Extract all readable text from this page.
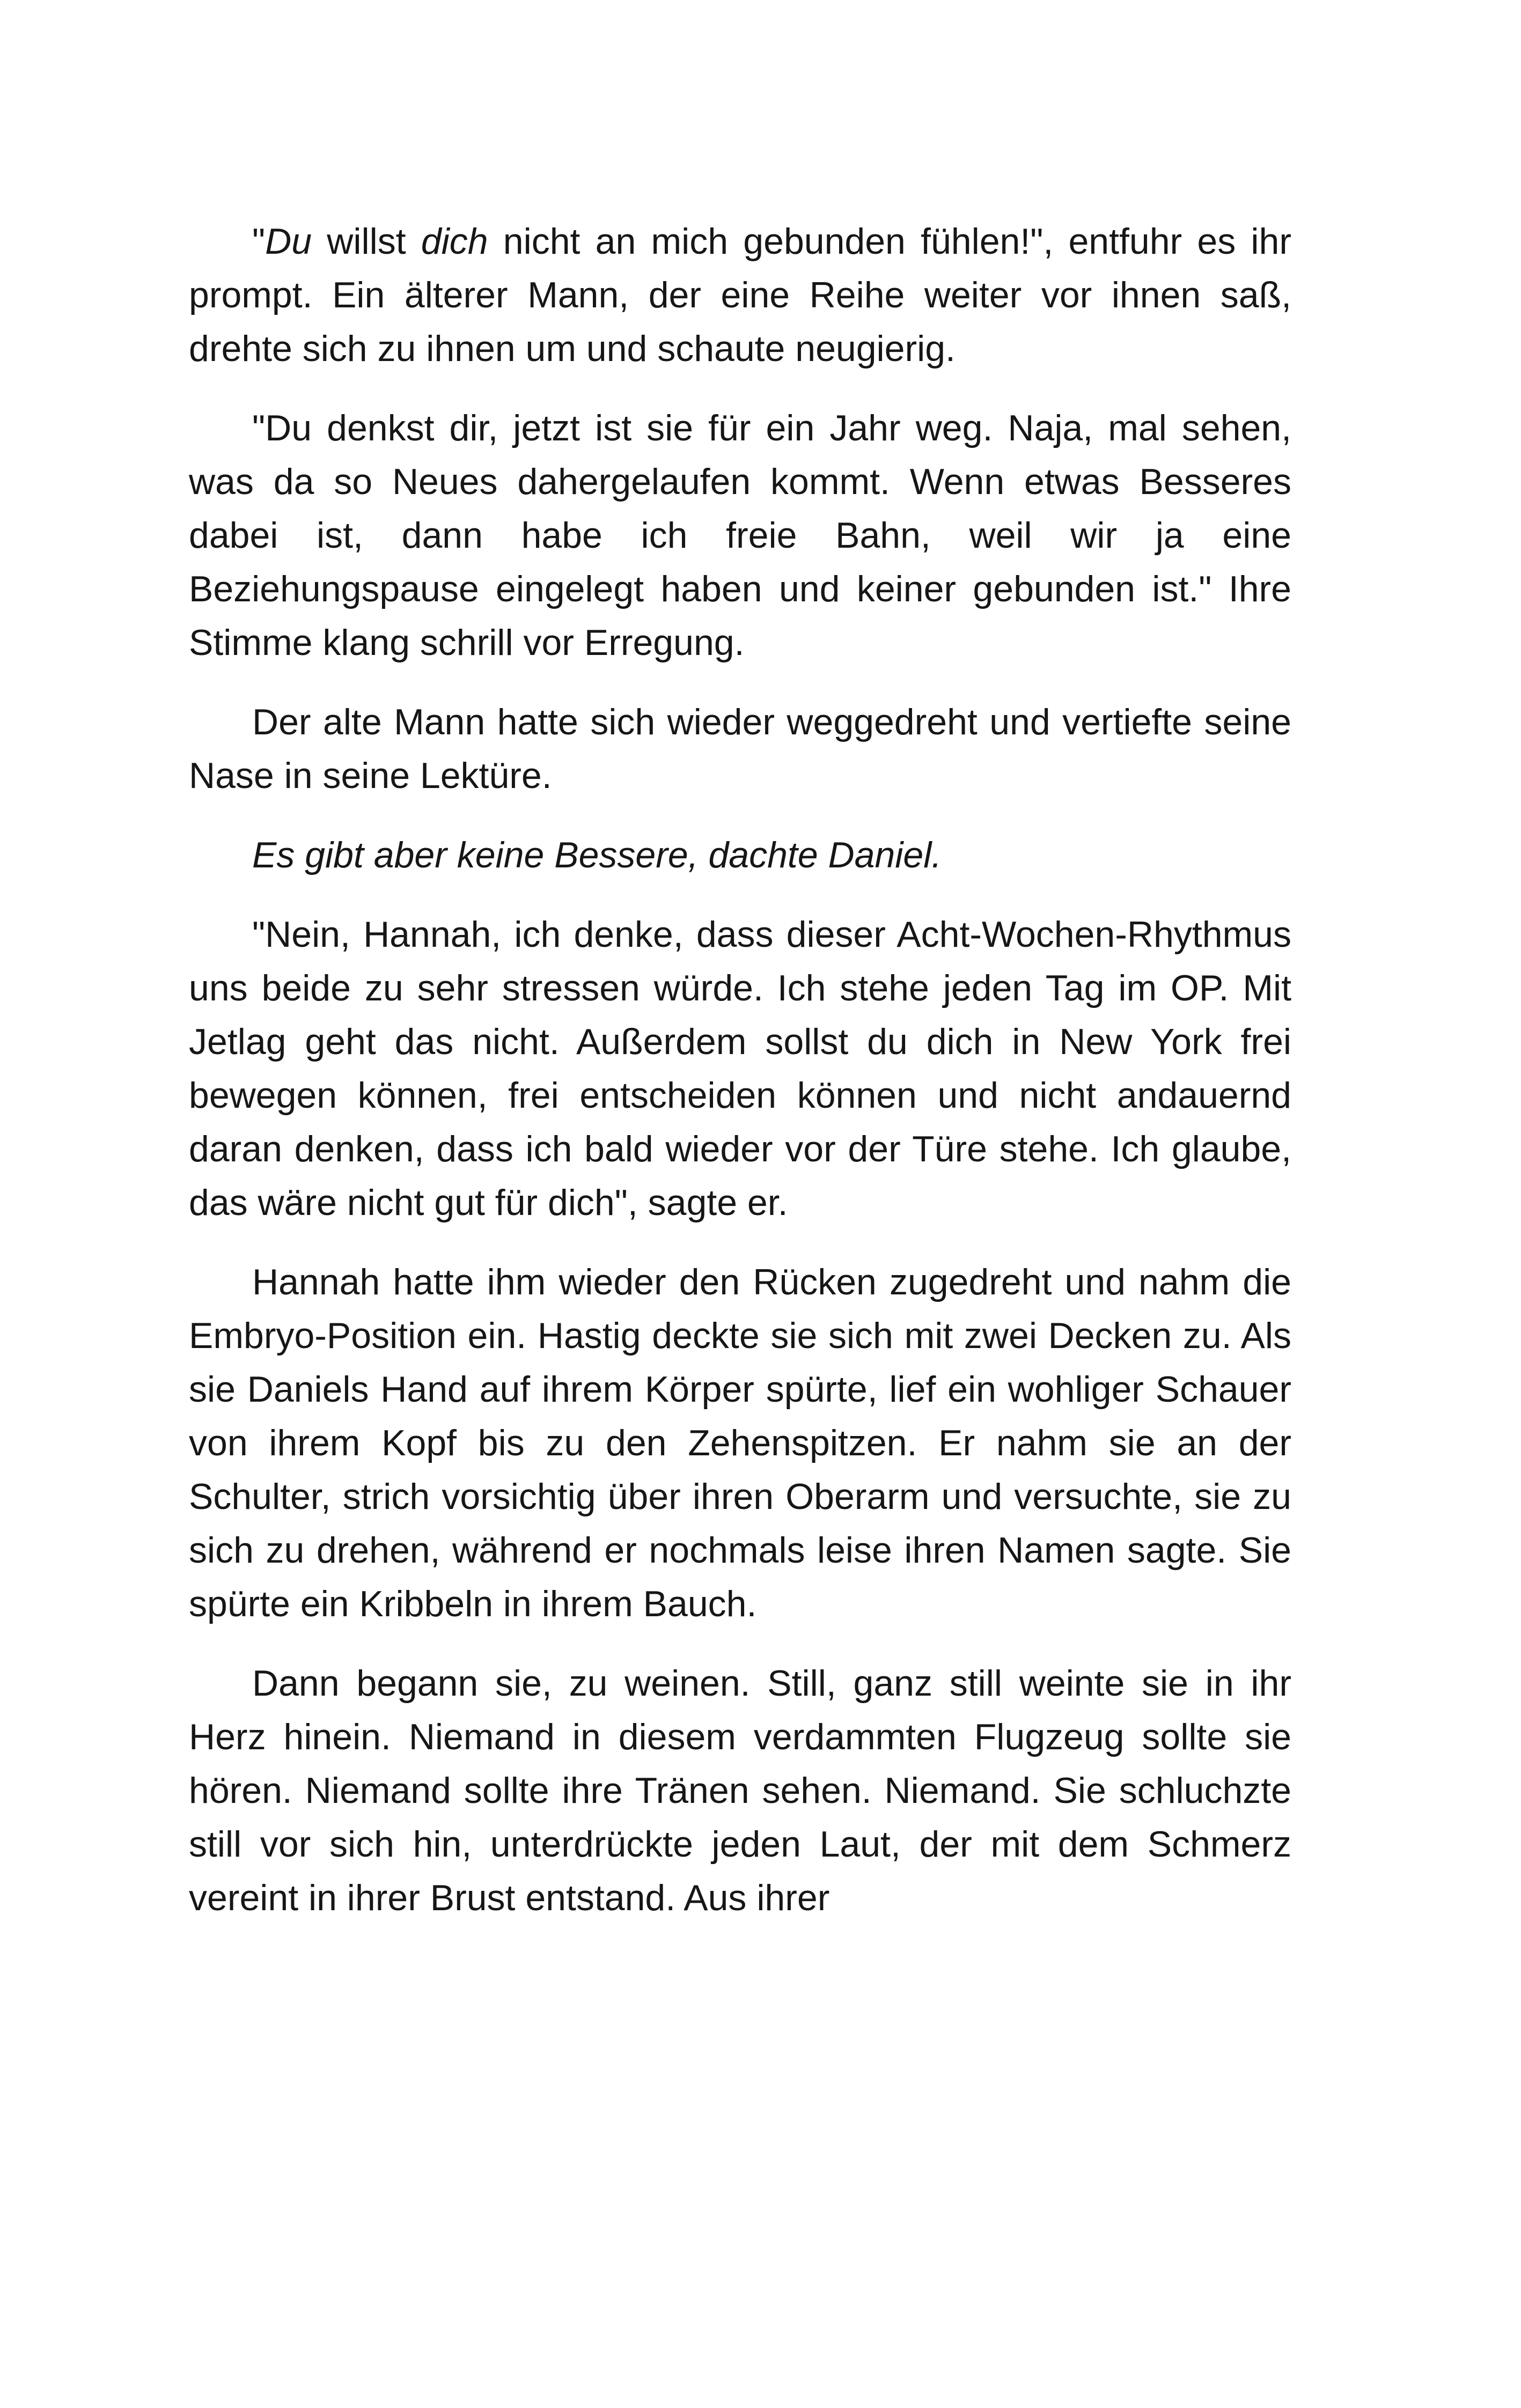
"Du willst dich nicht an mich gebunden fühlen!", entfuhr es ihr prompt. Ein älterer Mann, der eine Reihe weiter vor ihnen saß, drehte sich zu ihnen um und schaute neugierig.

"Du denkst dir, jetzt ist sie für ein Jahr weg. Naja, mal sehen, was da so Neues dahergelaufen kommt. Wenn etwas Besseres dabei ist, dann habe ich freie Bahn, weil wir ja eine Beziehungspause eingelegt haben und keiner gebunden ist." Ihre Stimme klang schrill vor Erregung.

Der alte Mann hatte sich wieder weggedreht und vertiefte seine Nase in seine Lektüre.

Es gibt aber keine Bessere, dachte Daniel.

"Nein, Hannah, ich denke, dass dieser Acht-Wochen-Rhythmus uns beide zu sehr stressen würde. Ich stehe jeden Tag im OP. Mit Jetlag geht das nicht. Außerdem sollst du dich in New York frei bewegen können, frei entscheiden können und nicht andauernd daran denken, dass ich bald wieder vor der Türe stehe. Ich glaube, das wäre nicht gut für dich", sagte er.

Hannah hatte ihm wieder den Rücken zugedreht und nahm die Embryo-Position ein. Hastig deckte sie sich mit zwei Decken zu. Als sie Daniels Hand auf ihrem Körper spürte, lief ein wohliger Schauer von ihrem Kopf bis zu den Zehenspitzen. Er nahm sie an der Schulter, strich vorsichtig über ihren Oberarm und versuchte, sie zu sich zu drehen, während er nochmals leise ihren Namen sagte. Sie spürte ein Kribbeln in ihrem Bauch.

Dann begann sie, zu weinen. Still, ganz still weinte sie in ihr Herz hinein. Niemand in diesem verdammten Flugzeug sollte sie hören. Niemand sollte ihre Tränen sehen. Niemand. Sie schluchzte still vor sich hin, unterdrückte jeden Laut, der mit dem Schmerz vereint in ihrer Brust entstand. Aus ihrer
